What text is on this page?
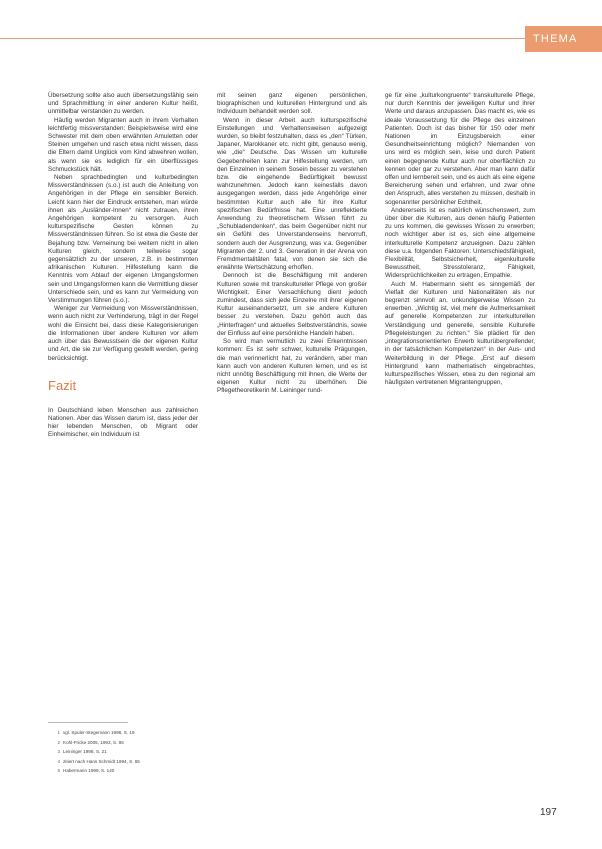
THEMA

Übersetzung sollte also auch übersetzungsfähig sein und Sprachmittlung in einer anderen Kultur heißt, unmittelbar verstanden zu werden.

Häufig werden Migranten auch in ihrem Verhalten leichtfertig missverstanden: Beispielsweise wird eine Schwester mit dem oben erwähnten Amuletten oder Steinen umgehen und rasch etwa nicht wissen, dass die Eltern damit Unglück vom Kind abwehren wollen, als wenn sie es lediglich für ein überflüssiges Schmuckstück hält.

Neben sprachbedingten und kulturbedingten Missverständnissen (s.o.) ist auch die Anleitung von Angehörigen in der Pflege ein sensibler Bereich. Leicht kann hier der Eindruck entstehen, man würde ihnen als „Ausländer-Innen“ nicht zutrauen, ihren Angehörigen kompetent zu versorgen. Auch kulturspezifische Gesten können zu Missverständnissen führen. So ist etwa die Geste der Bejahung bzw. Verneinung bei weitem nicht in allen Kulturen gleich, sondern teilweise sogar gegensätzlich zu der unseren, z.B. in bestimmten afrikanischen Kulturen. Hilfestellung kann die Kenntnis vom Ablauf der eigenen Umgangsformen sein und Umgangsformen kann die Vermittlung dieser Unterschiede sein, und es kann zur Vermeidung von Verstimmungen führen (s.o.).

Weniger zur Vermeidung von Missverständnissen, wenn auch nicht zur Verhinderung, trägt in der Regel wohl die Einsicht bei, dass diese Kategorisierungen die Informationen über andere Kulturen vor allem auch über das Bewusstsein die der eigenen Kultur und Art, die sie zur Verfügung gestellt werden, gering berücksichtigt.

Fazit

In Deutschland leben Menschen aus zahlreichen Nationen. Aber das Wissen darum ist, dass jeder der hier lebenden Menschen, ob Migrant oder Einheimischer, ein Individuum ist

mit seinen ganz eigenen persönlichen, biographischen und kulturellen Hintergrund und als Individuum behandelt werden soll.

Wenn in dieser Arbeit auch kulturspezifische Einstellungen und Verhaltensweisen aufgezeigt wurden, so bleibt festzuhalten, dass es „den“ Türken, Japaner, Marokkaner etc. nicht gibt, genauso wenig, wie „die“ Deutsche. Das Wissen um kulturelle Gegebenheiten kann zur Hilfestellung werden, um den Einzelnen in seinem Sosein besser zu verstehen bzw. die eingehende Bedürftigkeit bewusst wahrzunehmen. Jedoch kann keinesfalls davon ausgegangen werden, dass jede Angehörige einer bestimmten Kultur auch alle für ihre Kultur spezifischen Bedürfnisse hat. Eine unreflektierte Anwendung zu theoretischem Wissen führt zu „Schubladendenken“, das beim Gegenüber nicht nur ein Gefühl des Unverstandenseins hervorruft, sondern auch der Ausgrenzung, was v.a. Gegenüber Migranten der 2. und 3. Generation in der Arena von Fremdmentalitäten fatal, von denen sie sich die erwähnte Wertschätzung erhoffen.

Dennoch ist die Beschäftigung mit anderen Kulturen sowie mit transkultureller Pflege von großer Wichtigkeit. Einer Versachlichung dient jedoch zumindest, dass sich jede Einzelne mit ihrer eigenen Kultur auseinandersetzt, um sie andere Kulturen besser zu verstehen. Dazu gehört auch das „Hinterfragen“ und aktuelles Selbstverständnis, sowie der Einfluss auf eine persönliche Handeln haben.

So wird man vermutlich zu zwei Erkenntnissen kommen: Es ist sehr schwer, kulturelle Prägungen, die man verinnerlicht hat, zu verändern, aber man kann auch von anderen Kulturen lernen, und es ist nicht unnötig Beschäftigung mit ihnen, die Werte der eigenen Kultur nicht zu überhöhen. Die Pflegetheoretikerin M. Leininger rund-

ge für eine „kulturkongruente“ transkulturelle Pflege, nur durch Kenntnis der jeweiligen Kultur und ihrer Werte und daraus anzupassen. Das macht es, wie es ideale Voraussetzung für die Pflege des einzelnen Patienten. Doch ist das bisher für 150 oder mehr Nationen im Einzugsbereich einer Gesundheitseinrichtung möglich? Niemanden von uns wird es möglich sein, leise und durch Patient einen begegnende Kultur auch nur oberflächlich zu kennen oder gar zu verstehen. Aber man kann dafür offen und lernbereit sein, und es auch als eine eigene Bereicherung sehen und erfahren, und zwar ohne den Anspruch, alles verstehen zu müssen, deshalb in sogenannter persönlicher Echtheit.

Andererseits ist es natürlich wünschenswert, zum über über die Kulturen, aus denen häufig Patienten zu uns kommen, die gewisses Wissen zu erwerben; noch wichtiger aber ist es, sich eine allgemeine interkulturelle Kompetenz anzueignen. Dazu zählen diese u.a. folgenden Faktoren: Unterschiedsfähigkeit, Flexibilität, Selbstsicherheit, eigenkulturelle Bewusstheit, Stresstoleranz, Fähigkeit, Widersprüchlichkeiten zu ertragen, Empathie.

Auch M. Habermann sieht es sinngemäß der Vielfalt der Kulturen und Nationalitäten als nur begrenzt sinnvoll an, unkundigerweise Wissen zu erwerben. „Wichtig ist, viel mehr die Aufmerksamkeit auf generelle Kompetenzen zur interkulturellen Verständigung und generelle, sensible Kulturelle Pflegeleistungen zu richten.“ Sie plädiert für den „integrationsorientierten Erwerb kulturübergreifender, in der tatsächlichen Kompetenzen“ in der Aus- und Weiterbildung in der Pflege. „Erst auf diesem Hintergrund kann mathematisch eingebrachtes, kulturspezifisches Wissen, etwa zu den regional am häufigsten vertretenen Migrantengruppen,

1 vgl. Spuler-Stegemann 1998, S. 19
2 Kohl-Fricke 2005, 1993, S. 86
3 Leininger 1998, S. 21
4 zitiert nach Hans Schmidt 1994, S. 65
5 Habermann 1999, S. 140
197
